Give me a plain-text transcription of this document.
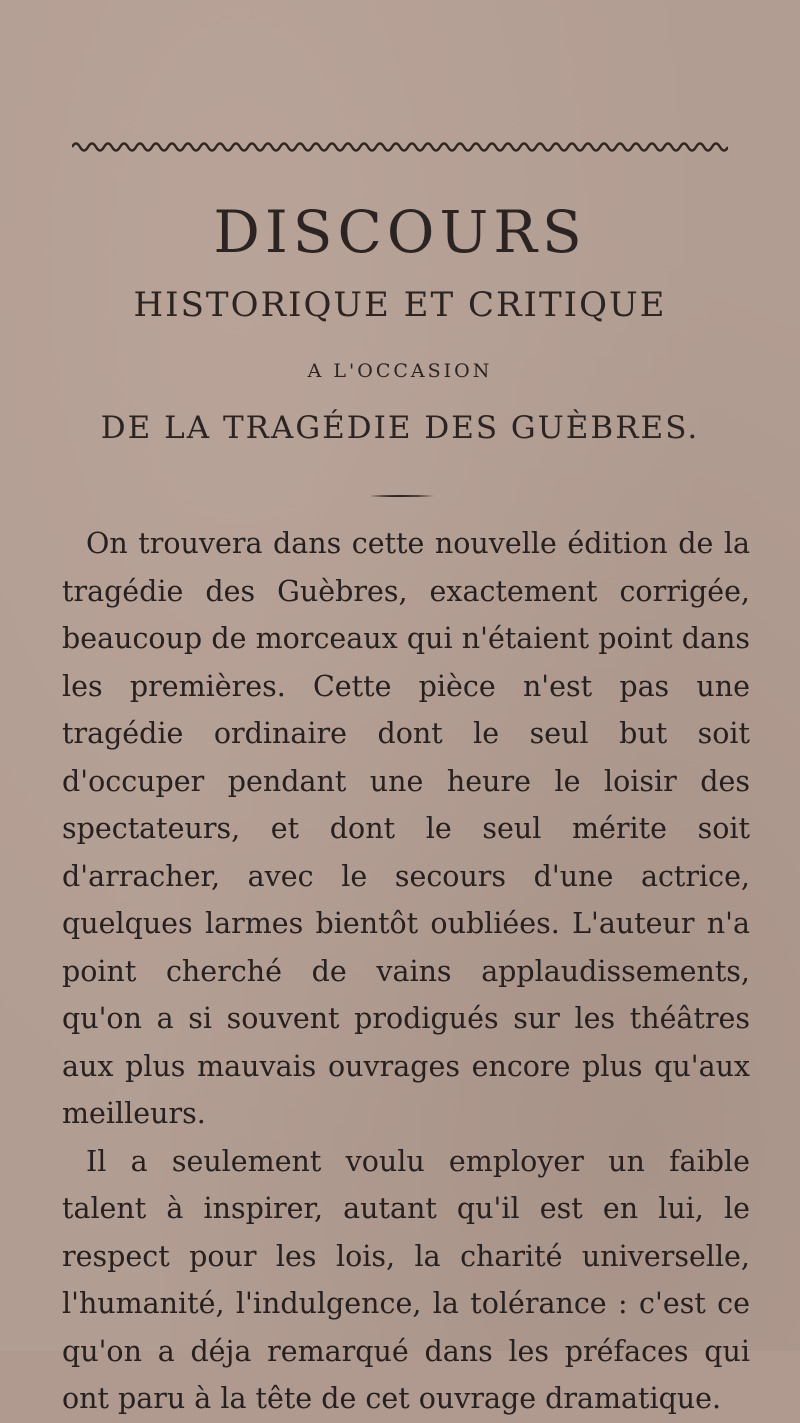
DISCOURS
HISTORIQUE ET CRITIQUE
A L'OCCASION
DE LA TRAGÉDIE DES GUÈBRES.

On trouvera dans cette nouvelle édition de la tragédie des Guèbres, exactement corrigée, beaucoup de morceaux qui n'étaient point dans les premières. Cette pièce n'est pas une tragédie ordinaire dont le seul but soit d'occuper pendant une heure le loisir des spectateurs, et dont le seul mérite soit d'arracher, avec le secours d'une actrice, quelques larmes bientôt oubliées. L'auteur n'a point cherché de vains applaudissements, qu'on a si souvent prodigués sur les théâtres aux plus mauvais ouvrages encore plus qu'aux meilleurs.

Il a seulement voulu employer un faible talent à inspirer, autant qu'il est en lui, le respect pour les lois, la charité universelle, l'humanité, l'indulgence, la tolérance : c'est ce qu'on a déja remarqué dans les préfaces qui ont paru à la tête de cet ouvrage dramatique.
